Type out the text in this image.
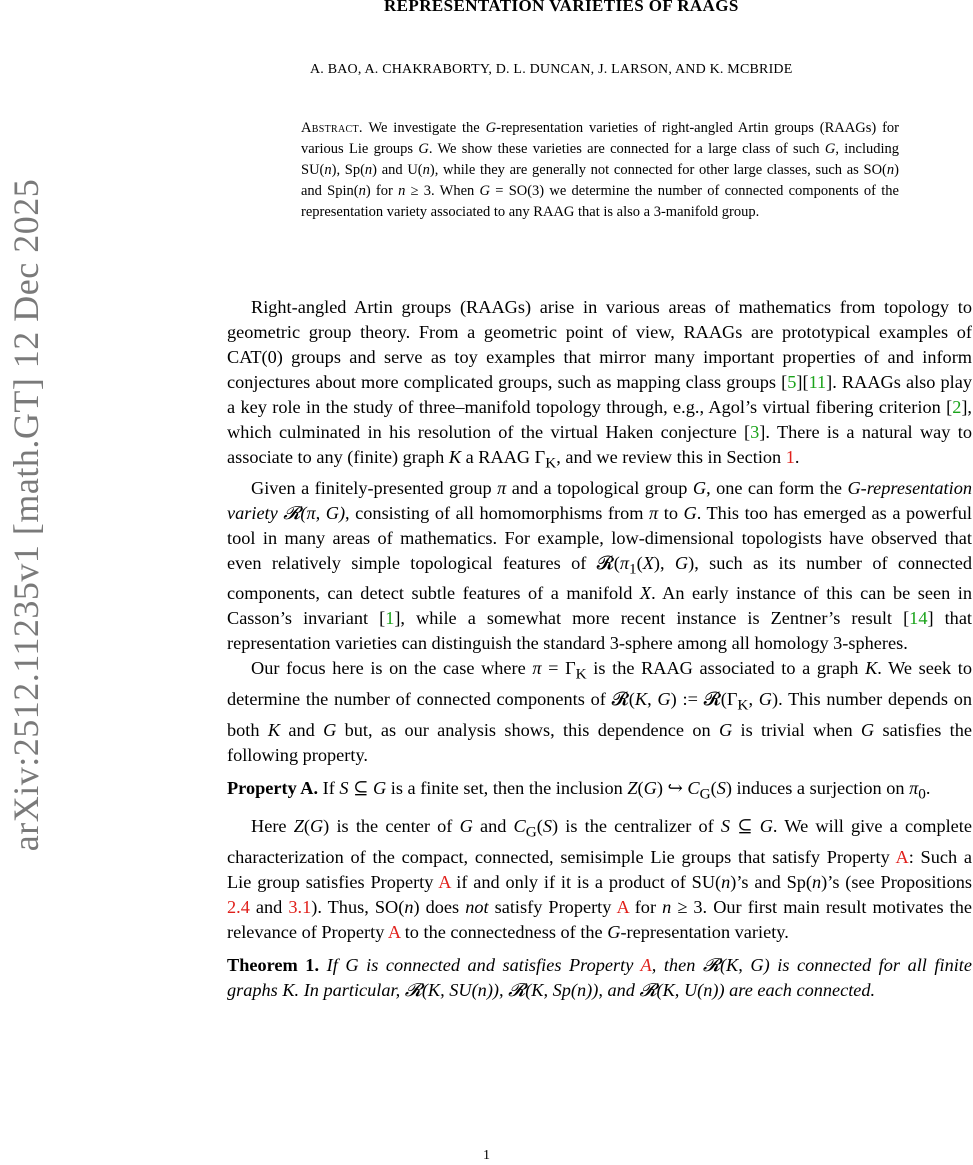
arXiv:2512.11235v1 [math.GT] 12 Dec 2025
REPRESENTATION VARIETIES OF RAAGS
A. BAO, A. CHAKRABORTY, D. L. DUNCAN, J. LARSON, AND K. MCBRIDE
Abstract. We investigate the G-representation varieties of right-angled Artin groups (RAAGs) for various Lie groups G. We show these varieties are connected for a large class of such G, including SU(n), Sp(n) and U(n), while they are generally not connected for other large classes, such as SO(n) and Spin(n) for n ≥ 3. When G = SO(3) we determine the number of connected components of the representation variety associated to any RAAG that is also a 3-manifold group.

Right-angled Artin groups (RAAGs) arise in various areas of mathematics from topology to geometric group theory. From a geometric point of view, RAAGs are prototypical examples of CAT(0) groups and serve as toy examples that mirror many important properties of and inform conjectures about more complicated groups, such as mapping class groups [5][11]. RAAGs also play a key role in the study of three–manifold topology through, e.g., Agol’s virtual fibering criterion [2], which culminated in his resolution of the virtual Haken conjecture [3]. There is a natural way to associate to any (finite) graph K a RAAG $\Gamma_K$, and we review this in Section 1.

Given a finitely-presented group π and a topological group G, one can form the G-representation variety 𝓡(π, G), consisting of all homomorphisms from π to G. This too has emerged as a powerful tool in many areas of mathematics. For example, low-dimensional topologists have observed that even relatively simple topological features of $𝓡(\pi_1(X)$, G), such as its number of connected components, can detect subtle features of a manifold X. An early instance of this can be seen in Casson’s invariant [1], while a somewhat more recent instance is Zentner’s result [14] that representation varieties can distinguish the standard 3-sphere among all homology 3-spheres.

Our focus here is on the case where $\pi = \Gamma_K$ is the RAAG associated to a graph K. We seek to determine the number of connected components of 𝓡(K, G) := $𝓡(\Gamma_K$, G). This number depends on both K and G but, as our analysis shows, this dependence on G is trivial when G satisfies the following property.

Property A. If S ⊆ G is a finite set, then the inclusion Z(G) ↪ $C_G(S)$ induces a surjection on $\pi_0$.

Here Z(G) is the center of G and $C_G(S)$ is the centralizer of S ⊆ G. We will give a complete characterization of the compact, connected, semisimple Lie groups that satisfy Property A: Such a Lie group satisfies Property A if and only if it is a product of SU(n)’s and Sp(n)’s (see Propositions 2.4 and 3.1). Thus, SO(n) does not satisfy Property A for n ≥ 3. Our first main result motivates the relevance of Property A to the connectedness of the G-representation variety.

Theorem 1. If G is connected and satisfies Property A, then 𝓡(K, G) is connected for all finite graphs K. In particular, 𝓡(K, SU(n)), 𝓡(K, Sp(n)), and 𝓡(K, U(n)) are each connected.

1
